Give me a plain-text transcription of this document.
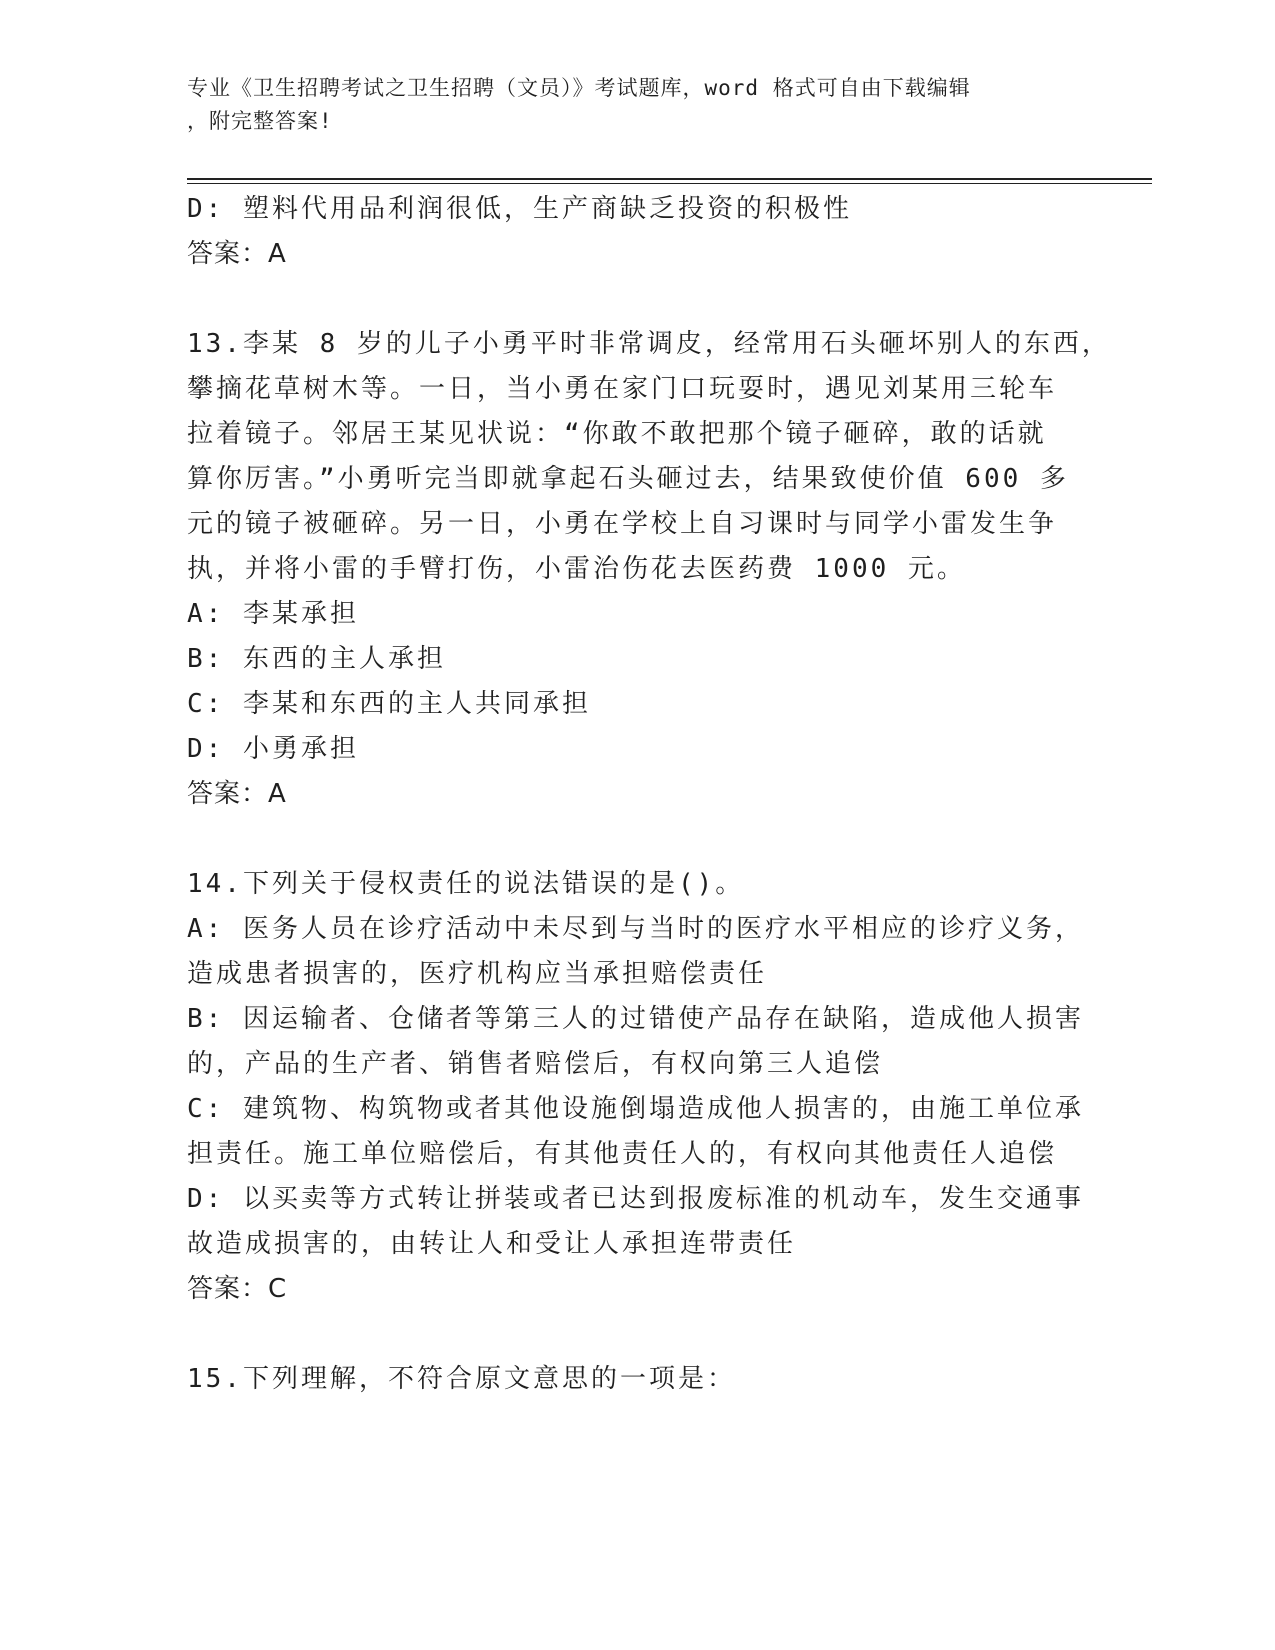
专业《卫生招聘考试之卫生招聘（文员）》考试题库，word 格式可自由下载编辑
，附完整答案!
D: 塑料代用品利润很低，生产商缺乏投资的积极性
答案：A
13.李某 8 岁的儿子小勇平时非常调皮，经常用石头砸坏别人的东西，
攀摘花草树木等。一日，当小勇在家门口玩耍时，遇见刘某用三轮车
拉着镜子。邻居王某见状说：“你敢不敢把那个镜子砸碎，敢的话就
算你厉害。”小勇听完当即就拿起石头砸过去，结果致使价值 600 多
元的镜子被砸碎。另一日，小勇在学校上自习课时与同学小雷发生争
执，并将小雷的手臂打伤，小雷治伤花去医药费 1000 元。
A: 李某承担
B: 东西的主人承担
C: 李某和东西的主人共同承担
D: 小勇承担
答案：A
14.下列关于侵权责任的说法错误的是()。
A: 医务人员在诊疗活动中未尽到与当时的医疗水平相应的诊疗义务，
造成患者损害的，医疗机构应当承担赔偿责任
B: 因运输者、仓储者等第三人的过错使产品存在缺陷，造成他人损害
的，产品的生产者、销售者赔偿后，有权向第三人追偿
C: 建筑物、构筑物或者其他设施倒塌造成他人损害的，由施工单位承
担责任。施工单位赔偿后，有其他责任人的，有权向其他责任人追偿
D: 以买卖等方式转让拼装或者已达到报废标准的机动车，发生交通事
故造成损害的，由转让人和受让人承担连带责任
答案：C
15.下列理解，不符合原文意思的一项是：
